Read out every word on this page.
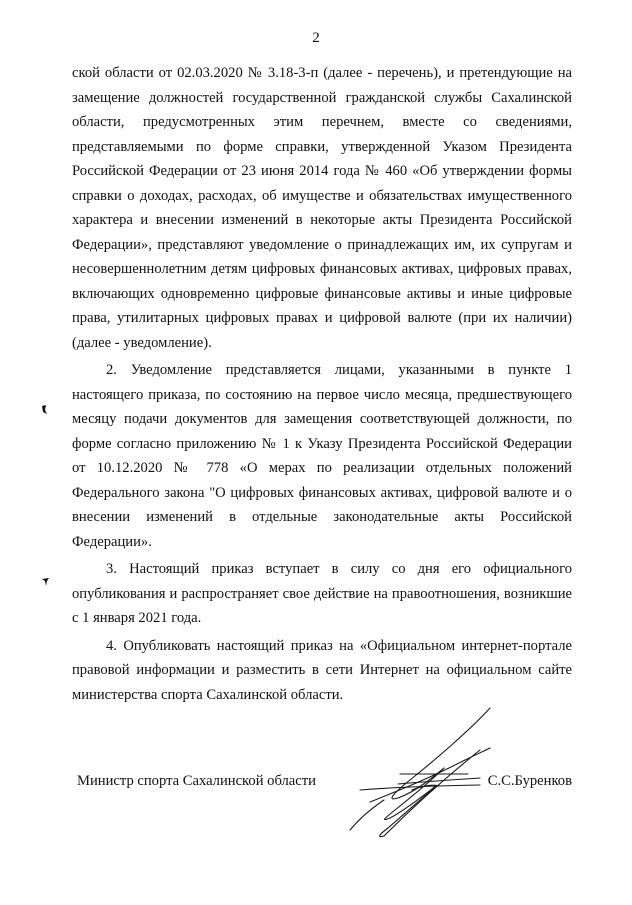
2

ской области от 02.03.2020 № 3.18-3-п (далее - перечень), и претендующие на замещение должностей государственной гражданской службы Сахалинской области, предусмотренных этим перечнем, вместе со сведениями, представляемыми по форме справки, утвержденной Указом Президента Российской Федерации от 23 июня 2014 года № 460 «Об утверждении формы справки о доходах, расходах, об имуществе и обязательствах имущественного характера и внесении изменений в некоторые акты Президента Российской Федерации», представляют уведомление о принадлежащих им, их супругам и несовершеннолетним детям цифровых финансовых активах, цифровых правах, включающих одновременно цифровые финансовые активы и иные цифровые права, утилитарных цифровых правах и цифровой валюте (при их наличии) (далее - уведомление).

2. Уведомление представляется лицами, указанными в пункте 1 настоящего приказа, по состоянию на первое число месяца, предшествующего месяцу подачи документов для замещения соответствующей должности, по форме согласно приложению № 1 к Указу Президента Российской Федерации от 10.12.2020 № 778 «О мерах по реализации отдельных положений Федерального закона "О цифровых финансовых активах, цифровой валюте и о внесении изменений в отдельные законодательные акты Российской Федерации».

3. Настоящий приказ вступает в силу со дня его официального опубликования и распространяет свое действие на правоотношения, возникшие с 1 января 2021 года.

4. Опубликовать настоящий приказ на «Официальном интернет-портале правовой информации и разместить в сети Интернет на официальном сайте министерства спорта Сахалинской области.

Министр спорта Сахалинской области	С.С.Буренков
